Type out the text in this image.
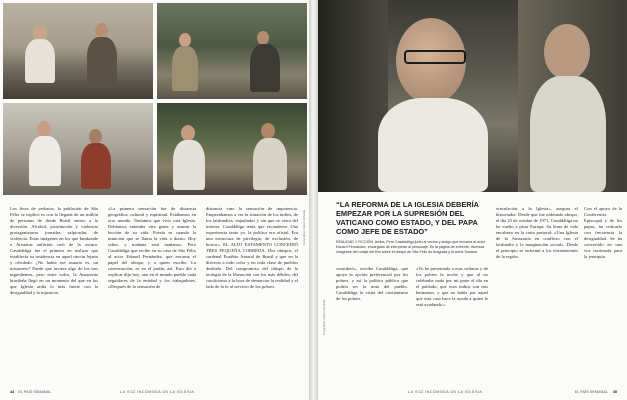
Los finos de yerbatos, la población de São Félix se triplicó es con la llegada de un millón de personas de desde Brasil entero a la diversión. Alcohol, prostitución y violencia protagonizaron jornadas salpicadas de violencia. Estas imágenes en los que Iamkonde e Aristatus anfitrión creó de la oscura. Casaldáliga fue el primero en realizar que establecía su residencia en aquel rincón lejano y olvidado. ¿No había ese usuario es, un misionero? Puede que tuviera algo de los tres ingredientes, pero entre todos, la Amazonia brasileña llegó en un momento del que en los que Iglesia ardía lo más fuerte con la desigualdad y la injusticia.
«La primera sensación fue de distancia geográfica, cultural y espiritual. Estábamos en otro mundo. Teníamos que vivir otra Iglesia. Debíamos entender otra gente y asumir la lección de su vida. Poesía es cuando la intuición que se llama la vida a diario. Hoy señor, y mañana será mañana». Pero Casaldáliga que recibe en su casa de São Félix al actor Eduard Fernández, que encarna el papel del obispo, y a quien escribe. La conversación, es en el jardín, así. Esto dió a explicar dijo hoy, uno en el mundo pueblo cada seguidores de la entidad y los trabajadores. «Después de la sensación de
distancia vino la sensación de impotencia. Empezábamos a ver la situación de los indios, de los latifundios, enjaulados y sin que se viera del interior. Casaldáliga tenía que esconderse. Una experiencia tanto yo. la política era oficial. Era una estructura de privilegio, de exclusión, de horror». EL ALTO ESTAMENTO CONCEDIÓ TRES PEQUEÑA CORREDA. Dos obispos, el cardenal Eusébio Amaral de Brasil y que en la diócesis a todo color y en toda clase de pueblos deshielo. Del compromiso del obispo de la teología de la liberación con los más débiles, del catolicismo a la hora de denunciar la realidad y el lado de la fe al servicio de los pobres.
Fotografías: Nelson Almeida
44 EL PAÍS SEMANAL	LA VOZ INCÓMODA DE LA IGLESIA
“LA REFORMA DE LA IGLESIA DEBERÍA EMPEZAR POR LA SUPRESIÓN DEL VATICANO COMO ESTADO, Y DEL PAPA COMO JEFE DE ESTADO”
REALIDAD Y FICCIÓN. Arriba, Pere Casaldáliga junto al vecino y amigo que encarna al actor Eduard Fernández, encargado de interpretar al personaje. En la página de enfrente, diversas imágenes del rodaje del film sobre el obispo de São Félix do Araguaia y la actriz Susana.
consideró», escribe Casaldáliga, que apoya la opción preferencial por los pobres, y así la política pública que podría ser la nota del pueblo. Casaldáliga la visita del cristianismo de los pobres.
«Yo he presentado a esas culturas y de los pobres la noche y que al no celebraba nada por mi parte el día en el poblado; que esos indios son mis hermanos, y que no había por aquel que esta casa hace la ayuda a quien le está ayudando.»
vinculación a la Iglesia», asegura el historiador. Desde que fue ordenado obispo, el día 23 de octubre de 1971, Casaldáliga no ha vuelto a pisar Europa. Su lema de vida encabeza en la carta pastoral: «Una Iglesia de la Amazonía en conflicto con el latifundio y la marginación social». Desde el principio se enfrentó a los terratenientes de la región.
Con el apoyo de la Conferencia Episcopal y de los papas, ha criticado con frecuencia la desigualdad. Se ha convertido en una voz incómoda para la jerarquía.
Fotografías: Nelson Almeida
LA VOZ INCÓMODA DE LA IGLESIA	EL PAÍS SEMANAL 45
